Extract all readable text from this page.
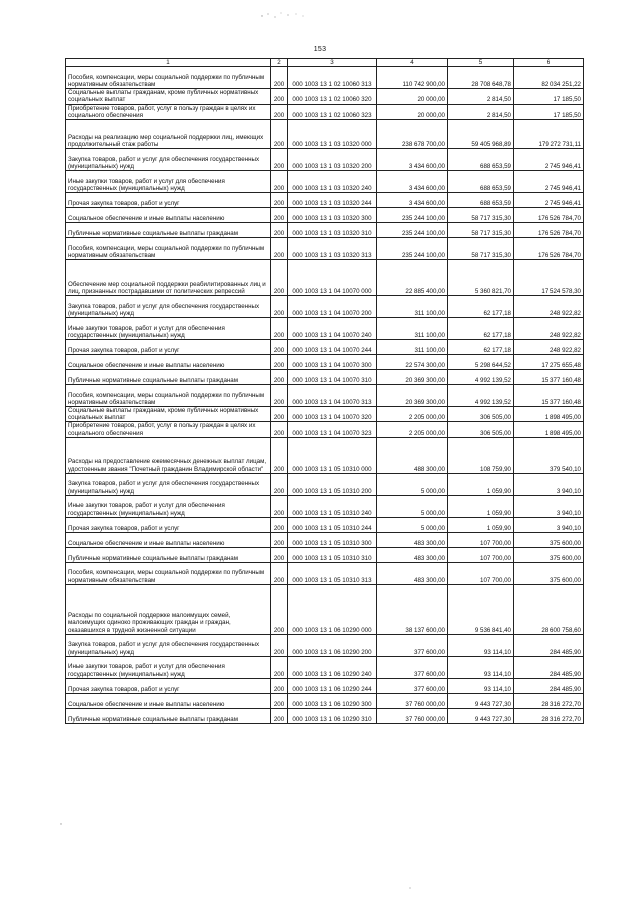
153
1	2	3	4	5	6
Пособия, компенсации, меры социальной поддержки по публичным нормативным обязательствам	200	000 1003 13 1 02 10060 313	110 742 900,00	28 708 648,78	82 034 251,22
Социальные выплаты гражданам, кроме публичных нормативных социальных выплат	200	000 1003 13 1 02 10060 320	20 000,00	2 814,50	17 185,50
Приобретение товаров, работ, услуг в пользу граждан в целях их социального обеспечения	200	000 1003 13 1 02 10060 323	20 000,00	2 814,50	17 185,50
Расходы на реализацию мер социальной поддержки лиц, имеющих продолжительный стаж работы	200	000 1003 13 1 03 10320 000	238 678 700,00	59 405 968,89	179 272 731,11
Закупка товаров, работ и услуг для обеспечения государственных (муниципальных) нужд	200	000 1003 13 1 03 10320 200	3 434 600,00	688 653,59	2 745 946,41
Иные закупки товаров, работ и услуг для обеспечения государственных (муниципальных) нужд	200	000 1003 13 1 03 10320 240	3 434 600,00	688 653,59	2 745 946,41
Прочая закупка товаров, работ и услуг	200	000 1003 13 1 03 10320 244	3 434 600,00	688 653,59	2 745 946,41
Социальное обеспечение и иные выплаты населению	200	000 1003 13 1 03 10320 300	235 244 100,00	58 717 315,30	176 526 784,70
Публичные нормативные социальные выплаты гражданам	200	000 1003 13 1 03 10320 310	235 244 100,00	58 717 315,30	176 526 784,70
Пособия, компенсации, меры социальной поддержки по публичным нормативным обязательствам	200	000 1003 13 1 03 10320 313	235 244 100,00	58 717 315,30	176 526 784,70
Обеспечение мер социальной поддержки реабилитированных лиц и лиц, признанных пострадавшими от политических репрессий	200	000 1003 13 1 04 10070 000	22 885 400,00	5 360 821,70	17 524 578,30
Закупка товаров, работ и услуг для обеспечения государственных (муниципальных) нужд	200	000 1003 13 1 04 10070 200	311 100,00	62 177,18	248 922,82
Иные закупки товаров, работ и услуг для обеспечения государственных (муниципальных) нужд	200	000 1003 13 1 04 10070 240	311 100,00	62 177,18	248 922,82
Прочая закупка товаров, работ и услуг	200	000 1003 13 1 04 10070 244	311 100,00	62 177,18	248 922,82
Социальное обеспечение и иные выплаты населению	200	000 1003 13 1 04 10070 300	22 574 300,00	5 298 644,52	17 275 655,48
Публичные нормативные социальные выплаты гражданам	200	000 1003 13 1 04 10070 310	20 369 300,00	4 992 139,52	15 377 160,48
Пособия, компенсации, меры социальной поддержки по публичным нормативным обязательствам	200	000 1003 13 1 04 10070 313	20 369 300,00	4 992 139,52	15 377 160,48
Социальные выплаты гражданам, кроме публичных нормативных социальных выплат	200	000 1003 13 1 04 10070 320	2 205 000,00	306 505,00	1 898 495,00
Приобретение товаров, работ, услуг в пользу граждан в целях их социального обеспечения	200	000 1003 13 1 04 10070 323	2 205 000,00	306 505,00	1 898 495,00
Расходы на предоставление ежемесячных денежных выплат лицам, удостоенным звания "Почетный гражданин Владимирской области"	200	000 1003 13 1 05 10310 000	488 300,00	108 759,90	379 540,10
Закупка товаров, работ и услуг для обеспечения государственных (муниципальных) нужд	200	000 1003 13 1 05 10310 200	5 000,00	1 059,90	3 940,10
Иные закупки товаров, работ и услуг для обеспечения государственных (муниципальных) нужд	200	000 1003 13 1 05 10310 240	5 000,00	1 059,90	3 940,10
Прочая закупка товаров, работ и услуг	200	000 1003 13 1 05 10310 244	5 000,00	1 059,90	3 940,10
Социальное обеспечение и иные выплаты населению	200	000 1003 13 1 05 10310 300	483 300,00	107 700,00	375 600,00
Публичные нормативные социальные выплаты гражданам	200	000 1003 13 1 05 10310 310	483 300,00	107 700,00	375 600,00
Пособия, компенсации, меры социальной поддержки по публичным нормативным обязательствам	200	000 1003 13 1 05 10310 313	483 300,00	107 700,00	375 600,00
Расходы по социальной поддержке малоимущих семей, малоимущих одиноко проживающих граждан и граждан, оказавшихся в трудной жизненной ситуации	200	000 1003 13 1 06 10290 000	38 137 600,00	9 536 841,40	28 600 758,60
Закупка товаров, работ и услуг для обеспечения государственных (муниципальных) нужд	200	000 1003 13 1 06 10290 200	377 600,00	93 114,10	284 485,90
Иные закупки товаров, работ и услуг для обеспечения государственных (муниципальных) нужд	200	000 1003 13 1 06 10290 240	377 600,00	93 114,10	284 485,90
Прочая закупка товаров, работ и услуг	200	000 1003 13 1 06 10290 244	377 600,00	93 114,10	284 485,90
Социальное обеспечение и иные выплаты населению	200	000 1003 13 1 06 10290 300	37 760 000,00	9 443 727,30	28 316 272,70
Публичные нормативные социальные выплаты гражданам	200	000 1003 13 1 06 10290 310	37 760 000,00	9 443 727,30	28 316 272,70
